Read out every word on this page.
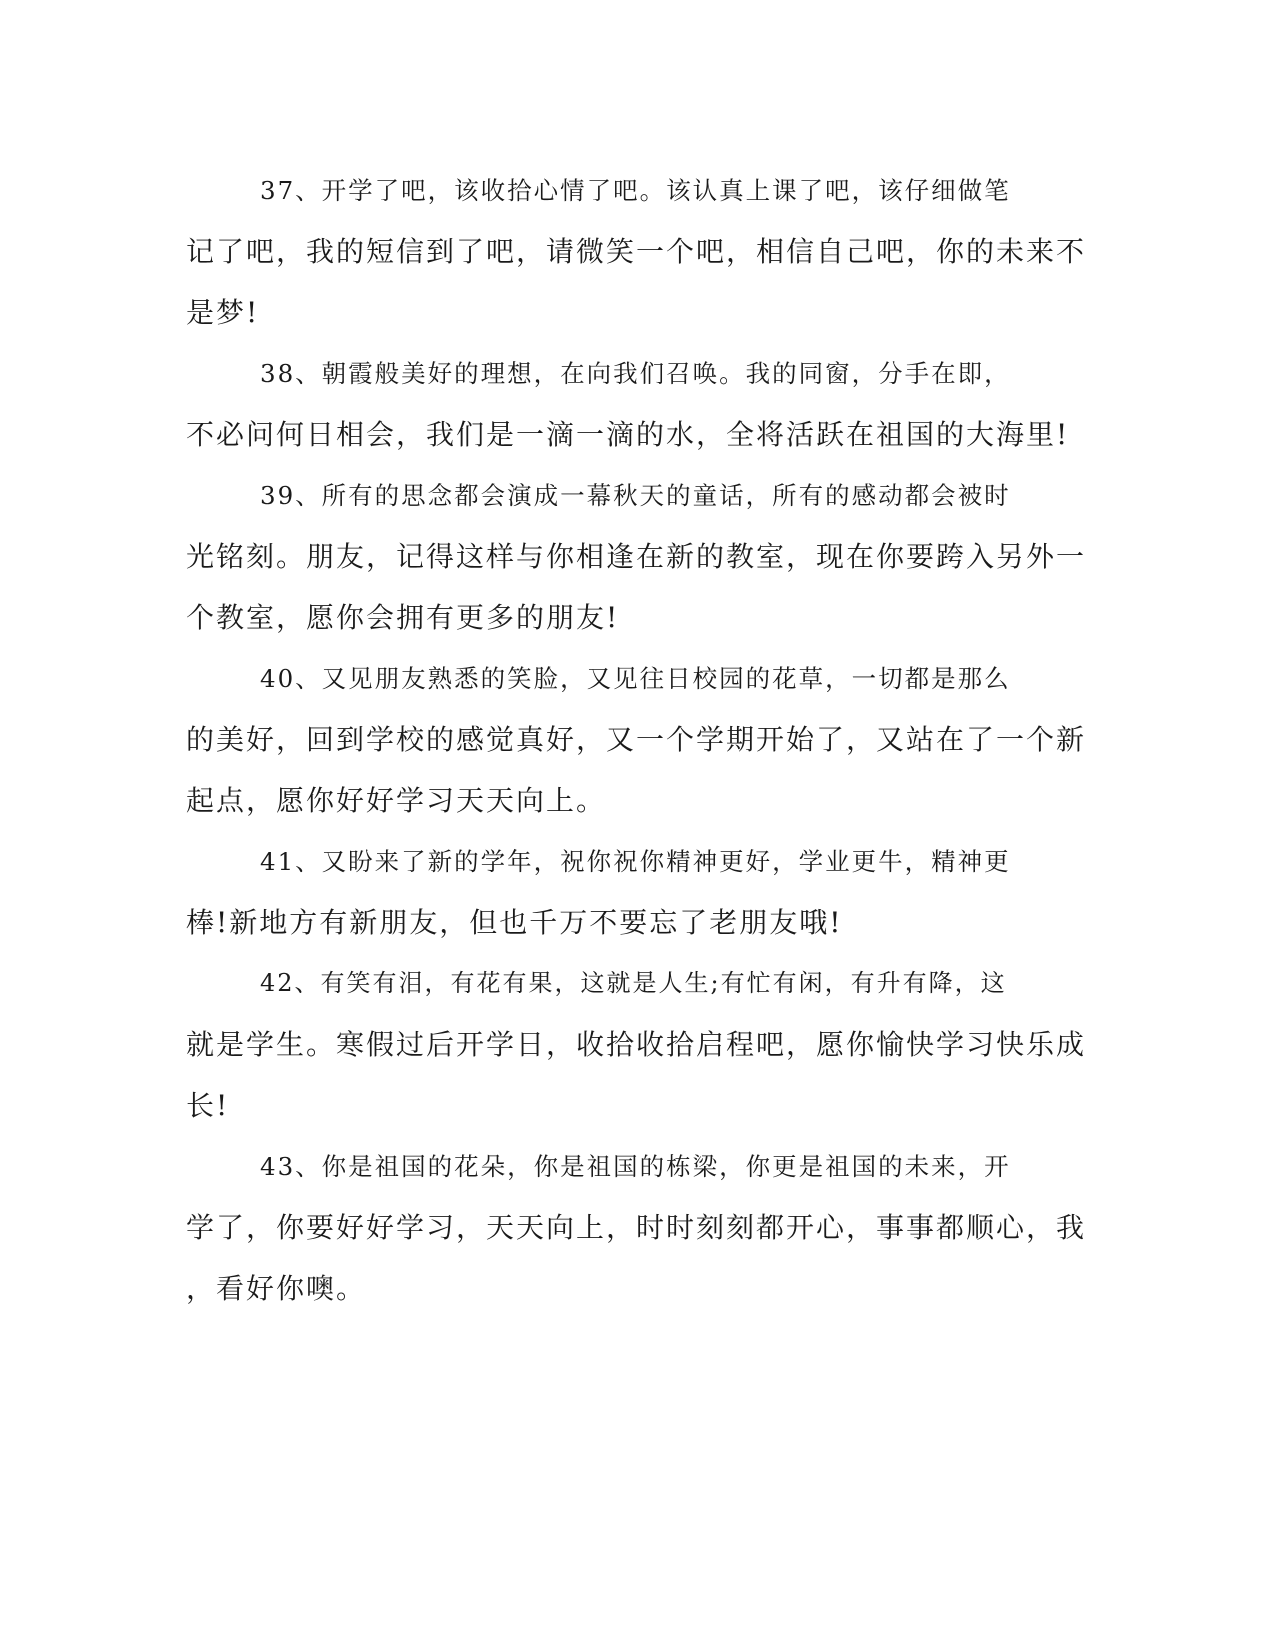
37、开学了吧，该收拾心情了吧。该认真上课了吧，该仔细做笔
记了吧，我的短信到了吧，请微笑一个吧，相信自己吧，你的未来不
是梦!

38、朝霞般美好的理想，在向我们召唤。我的同窗，分手在即，
不必问何日相会，我们是一滴一滴的水，全将活跃在祖国的大海里!

39、所有的思念都会演成一幕秋天的童话，所有的感动都会被时
光铭刻。朋友，记得这样与你相逢在新的教室，现在你要跨入另外一
个教室，愿你会拥有更多的朋友!

40、又见朋友熟悉的笑脸，又见往日校园的花草，一切都是那么
的美好，回到学校的感觉真好，又一个学期开始了，又站在了一个新
起点，愿你好好学习天天向上。

41、又盼来了新的学年，祝你祝你精神更好，学业更牛，精神更
棒!新地方有新朋友，但也千万不要忘了老朋友哦!

42、有笑有泪，有花有果，这就是人生;有忙有闲，有升有降，这
就是学生。寒假过后开学日，收拾收拾启程吧，愿你愉快学习快乐成
长!

43、你是祖国的花朵，你是祖国的栋梁，你更是祖国的未来，开
学了，你要好好学习，天天向上，时时刻刻都开心，事事都顺心，我
，看好你噢。
